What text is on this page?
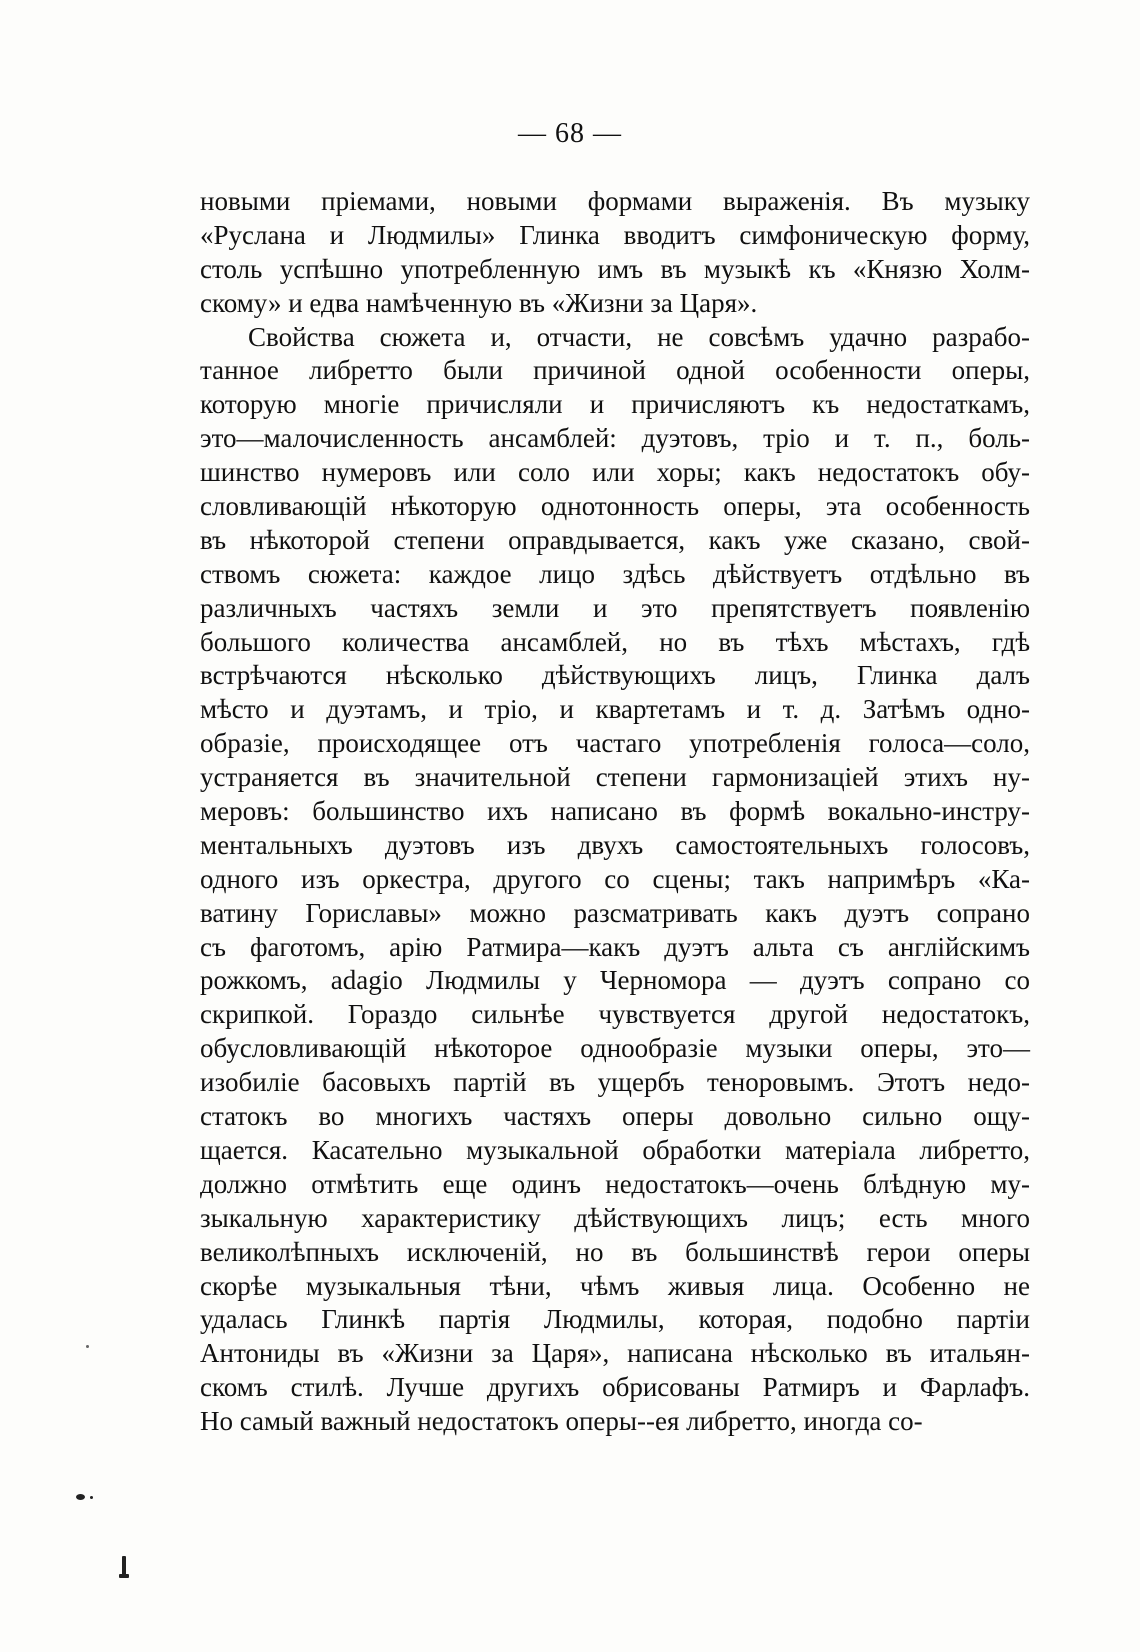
— 68 —
новыми пріемами, новыми формами выраженія. Въ музыку
«Руслана и Людмилы» Глинка вводитъ симфоническую форму,
столь успѣшно употребленную имъ въ музыкѣ къ «Князю Холм-
скому» и едва намѣченную въ «Жизни за Царя».
Свойства сюжета и, отчасти, не совсѣмъ удачно разрабо-
танное либретто были причиной одной особенности оперы,
которую многіе причисляли и причисляютъ къ недостаткамъ,
это—малочисленность ансамблей: дуэтовъ, тріо и т. п., боль-
шинство нумеровъ или соло или хоры; какъ недостатокъ обу-
словливающій нѣкоторую однотонность оперы, эта особенность
въ нѣкоторой степени оправдывается, какъ уже сказано, свой-
ствомъ сюжета: каждое лицо здѣсь дѣйствуетъ отдѣльно въ
различныхъ частяхъ земли и это препятствуетъ появленію
большого количества ансамблей, но въ тѣхъ мѣстахъ, гдѣ
встрѣчаются нѣсколько дѣйствующихъ лицъ, Глинка далъ
мѣсто и дуэтамъ, и тріо, и квартетамъ и т. д. Затѣмъ одно-
образіе, происходящее отъ частаго употребленія голоса—соло,
устраняется въ значительной степени гармонизаціей этихъ ну-
меровъ: большинство ихъ написано въ формѣ вокально-инстру-
ментальныхъ дуэтовъ изъ двухъ самостоятельныхъ голосовъ,
одного изъ оркестра, другого со сцены; такъ напримѣръ «Ка-
ватину Гориславы» можно разсматривать какъ дуэтъ сопрано
съ фаготомъ, арію Ратмира—какъ дуэтъ альта съ англійскимъ
рожкомъ, adagio Людмилы у Черномора — дуэтъ сопрано со
скрипкой. Гораздо сильнѣе чувствуется другой недостатокъ,
обусловливающій нѣкоторое однообразіе музыки оперы, это—
изобиліе басовыхъ партій въ ущербъ теноровымъ. Этотъ недо-
статокъ во многихъ частяхъ оперы довольно сильно ощу-
щается. Касательно музыкальной обработки матеріала либретто,
должно отмѣтить еще одинъ недостатокъ—очень блѣдную му-
зыкальную характеристику дѣйствующихъ лицъ; есть много
великолѣпныхъ исключеній, но въ большинствѣ герои оперы
скорѣе музыкальныя тѣни, чѣмъ живыя лица. Особенно не
удалась Глинкѣ партія Людмилы, которая, подобно партіи
Антониды въ «Жизни за Царя», написана нѣсколько въ итальян-
скомъ стилѣ. Лучше другихъ обрисованы Ратмиръ и Фарлафъ.
Но самый важный недостатокъ оперы--ея либретто, иногда со-
